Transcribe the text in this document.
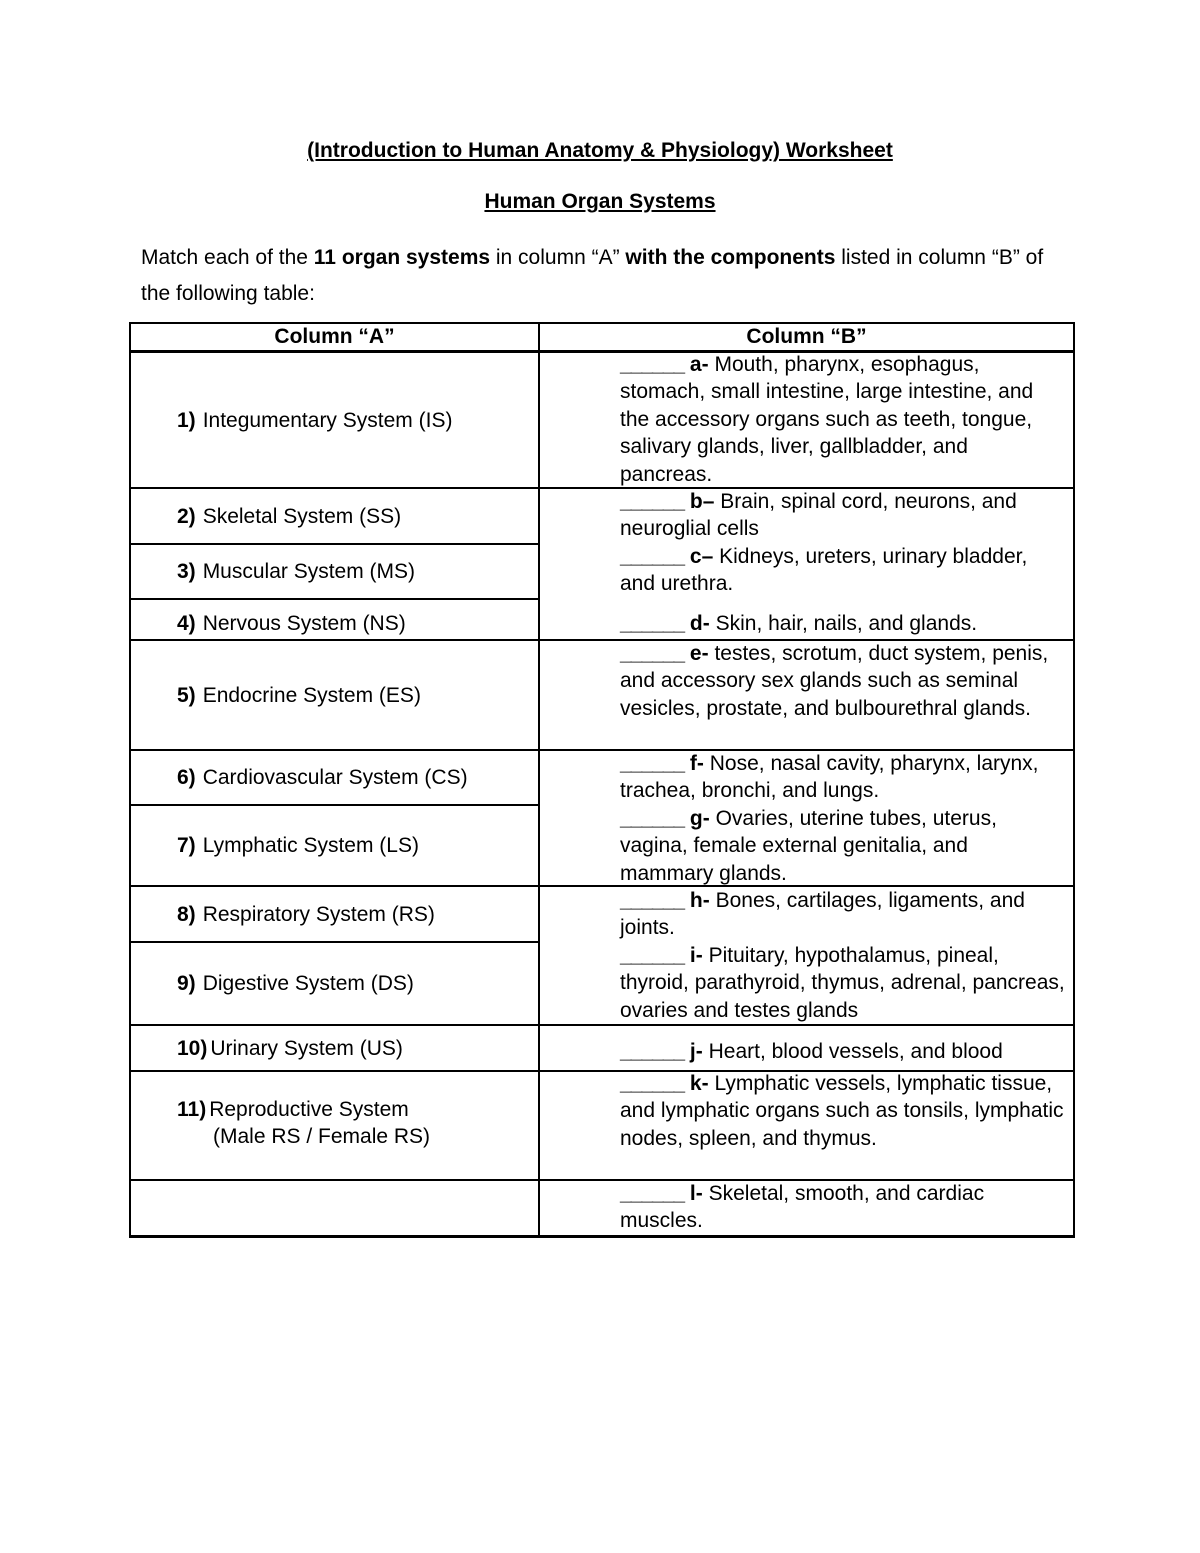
(Introduction to Human Anatomy & Physiology) Worksheet
Human Organ Systems
Match each of the 11 organ systems in column “A” with the components listed in column “B” of the following table:
Column “A”	Column “B”
1) Integumentary System (IS)
2) Skeletal System (SS)
3) Muscular System (MS)
4) Nervous System (NS)
5) Endocrine System (ES)
6) Cardiovascular System (CS)
7) Lymphatic System (LS)
8) Respiratory System (RS)
9) Digestive System (DS)
10) Urinary System (US)
11) Reproductive System
(Male RS / Female RS)
______ a- Mouth, pharynx, esophagus, stomach, small intestine, large intestine, and the accessory organs such as teeth, tongue, salivary glands, liver, gallbladder, and pancreas.
______ b– Brain, spinal cord, neurons, and neuroglial cells
______ c– Kidneys, ureters, urinary bladder, and urethra.
______ d- Skin, hair, nails, and glands.
______ e- testes, scrotum, duct system, penis, and accessory sex glands such as seminal vesicles, prostate, and bulbourethral glands.
______ f- Nose, nasal cavity, pharynx, larynx, trachea, bronchi, and lungs.
______ g- Ovaries, uterine tubes, uterus, vagina, female external genitalia, and mammary glands.
______ h- Bones, cartilages, ligaments, and joints.
______ i- Pituitary, hypothalamus, pineal, thyroid, parathyroid, thymus, adrenal, pancreas, ovaries and testes glands
______ j- Heart, blood vessels, and blood
______ k- Lymphatic vessels, lymphatic tissue, and lymphatic organs such as tonsils, lymphatic nodes, spleen, and thymus.
______ l- Skeletal, smooth, and cardiac muscles.
